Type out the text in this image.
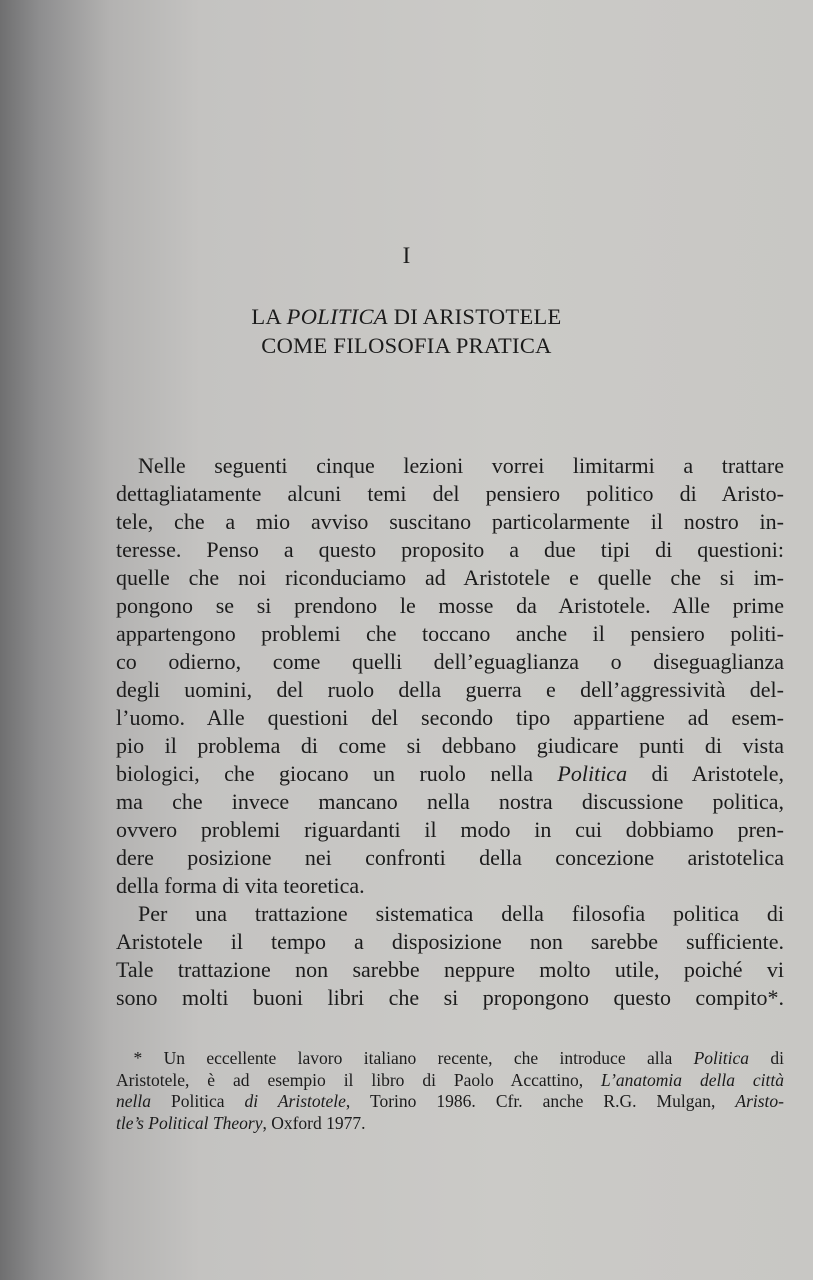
I
LA POLITICA DI ARISTOTELE
COME FILOSOFIA PRATICA
 Nelle seguenti cinque lezioni vorrei limitarmi a trattare
dettagliatamente alcuni temi del pensiero politico di Aristo-
tele, che a mio avviso suscitano particolarmente il nostro in-
teresse. Penso a questo proposito a due tipi di questioni:
quelle che noi riconduciamo ad Aristotele e quelle che si im-
pongono se si prendono le mosse da Aristotele. Alle prime
appartengono problemi che toccano anche il pensiero politi-
co odierno, come quelli dell’eguaglianza o diseguaglianza
degli uomini, del ruolo della guerra e dell’aggressività del-
l’uomo. Alle questioni del secondo tipo appartiene ad esem-
pio il problema di come si debbano giudicare punti di vista
biologici, che giocano un ruolo nella Politica di Aristotele,
ma che invece mancano nella nostra discussione politica,
ovvero problemi riguardanti il modo in cui dobbiamo pren-
dere posizione nei confronti della concezione aristotelica
della forma di vita teoretica.
 Per una trattazione sistematica della filosofia politica di
Aristotele il tempo a disposizione non sarebbe sufficiente.
Tale trattazione non sarebbe neppure molto utile, poiché vi
sono molti buoni libri che si propongono questo compito*.
 * Un eccellente lavoro italiano recente, che introduce alla Politica di
Aristotele, è ad esempio il libro di Paolo Accattino, L’anatomia della città
nella Politica di Aristotele, Torino 1986. Cfr. anche R.G. Mulgan, Aristo-
tle’s Political Theory, Oxford 1977.
